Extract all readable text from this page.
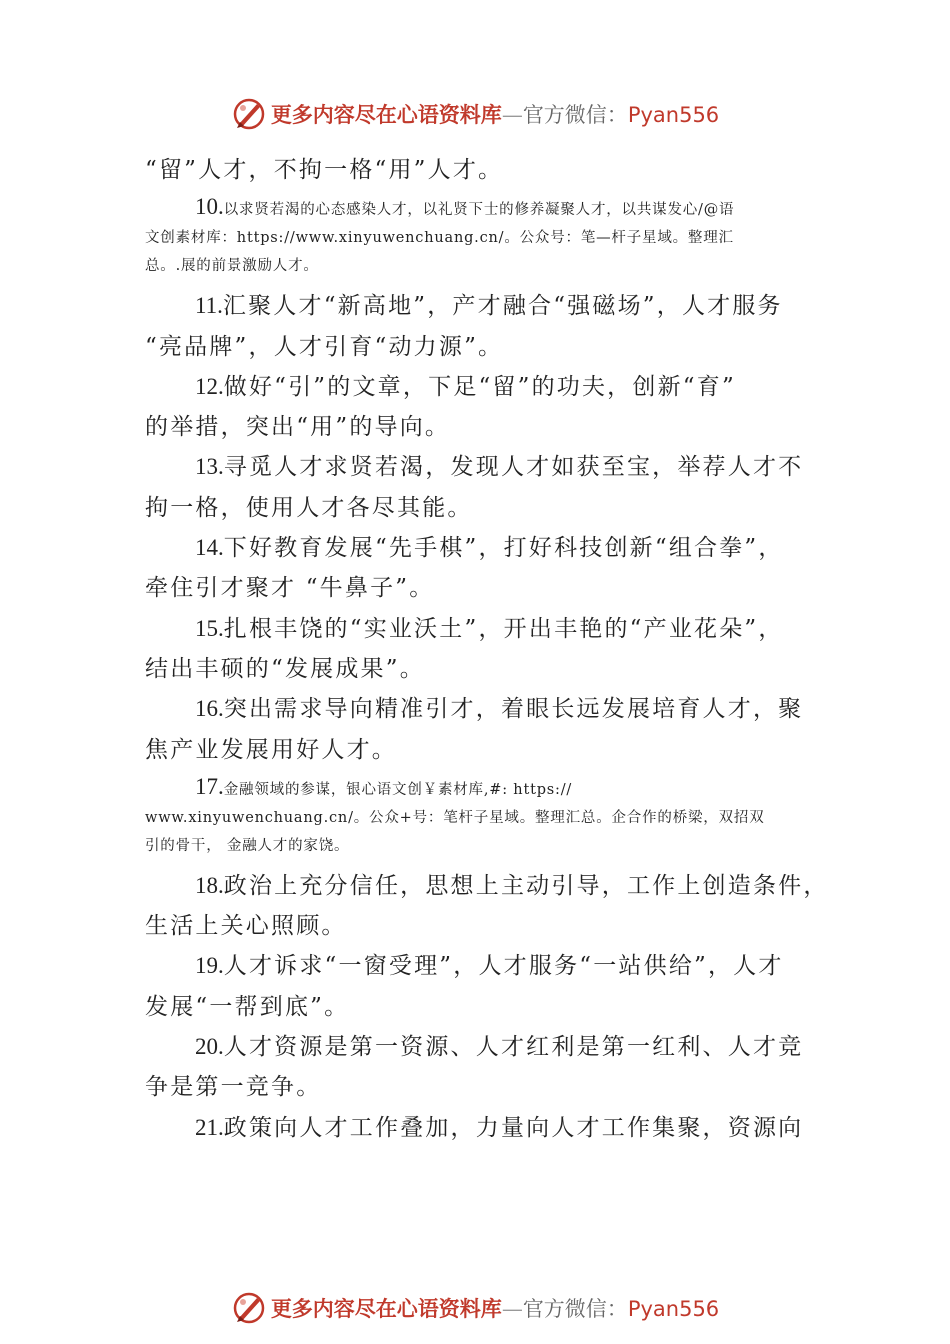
更多内容尽在心语资料库—官方微信：Pyan556
“留”人才，不拘一格“用”人才。
10.以求贤若渴的心态感染人才，以礼贤下士的修养凝聚人才，以共谋发心/@语
文创素材库：https://www.xinyuwenchuang.cn/。公众号：笔—杆子星域。整理汇
总。.展的前景激励人才。
11.汇聚人才“新高地”，产才融合“强磁场”，人才服务
“亮品牌”，人才引育“动力源”。
12.做好“引”的文章，下足“留”的功夫，创新“育”
的举措，突出“用”的导向。
13.寻觅人才求贤若渴，发现人才如获至宝，举荐人才不
拘一格，使用人才各尽其能。
14.下好教育发展“先手棋”，打好科技创新“组合拳”，
牵住引才聚才 “牛鼻子”。
15.扎根丰饶的“实业沃土”，开出丰艳的“产业花朵”，
结出丰硕的“发展成果”。
16.突出需求导向精准引才，着眼长远发展培育人才，聚
焦产业发展用好人才。
17.金融领域的参谋，银心语文创￥素材库,#: https://
www.xinyuwenchuang.cn/。公众+号：笔杆子星域。整理汇总。企合作的桥梁，双招双
引的骨干， 金融人才的家饶。
18.政治上充分信任，思想上主动引导，工作上创造条件，
生活上关心照顾。
19.人才诉求“一窗受理”，人才服务“一站供给”，人才
发展“一帮到底”。
20.人才资源是第一资源、人才红利是第一红利、人才竞
争是第一竞争。
21.政策向人才工作叠加，力量向人才工作集聚，资源向
更多内容尽在心语资料库—官方微信：Pyan556
